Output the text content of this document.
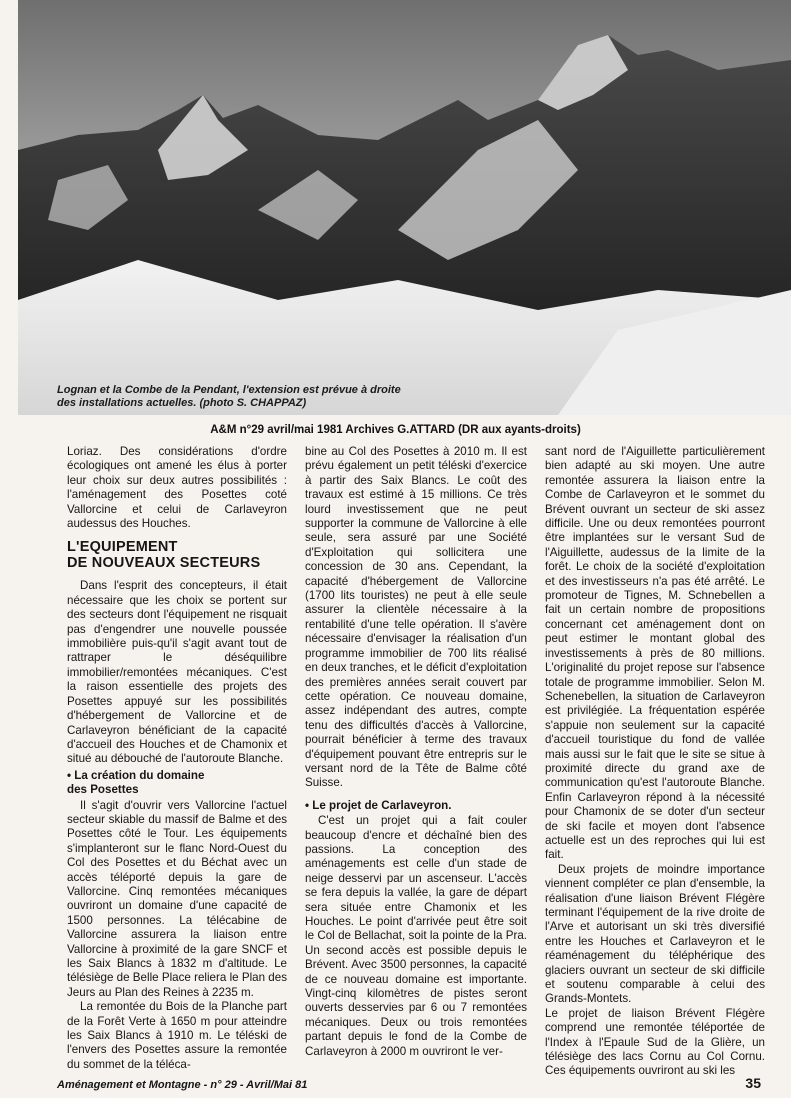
Lognan et la Combe de la Pendant, l'extension est prévue à droite
des installations actuelles. (photo S. CHAPPAZ)
A&M n°29 avril/mai 1981 Archives G.ATTARD (DR aux ayants-droits)

Loriaz. Des considérations d'ordre écologiques ont amené les élus à porter leur choix sur deux autres possibilités : l'aménagement des Posettes coté Vallorcine et celui de Carlaveyron audessus des Houches.

L'EQUIPEMENT
DE NOUVEAUX SECTEURS

Dans l'esprit des concepteurs, il était nécessaire que les choix se portent sur des secteurs dont l'équipement ne risquait pas d'engendrer une nouvelle poussée immobilière puis-qu'il s'agit avant tout de rattraper le déséquilibre immobilier/remontées mécaniques. C'est la raison essentielle des projets des Posettes appuyé sur les possibilités d'hébergement de Vallorcine et de Carlaveyron bénéficiant de la capacité d'accueil des Houches et de Chamonix et situé au débouché de l'autoroute Blanche.

• La création du domaine
des Posettes

Il s'agit d'ouvrir vers Vallorcine l'actuel secteur skiable du massif de Balme et des Posettes côté le Tour. Les équipements s'implanteront sur le flanc Nord-Ouest du Col des Posettes et du Béchat avec un accès téléporté depuis la gare de Vallorcine. Cinq remontées mécaniques ouvriront un domaine d'une capacité de 1500 personnes. La télécabine de Vallorcine assurera la liaison entre Vallorcine à proximité de la gare SNCF et les Saix Blancs à 1832 m d'altitude. Le télésiège de Belle Place reliera le Plan des Jeurs au Plan des Reines à 2235 m.

La remontée du Bois de la Planche part de la Forêt Verte à 1650 m pour atteindre les Saix Blancs à 1910 m. Le téléski de l'envers des Posettes assure la remontée du sommet de la téléca-

bine au Col des Posettes à 2010 m. Il est prévu également un petit téléski d'exercice à partir des Saix Blancs. Le coût des travaux est estimé à 15 millions. Ce très lourd investissement que ne peut supporter la commune de Vallorcine à elle seule, sera assuré par une Société d'Exploitation qui sollicitera une concession de 30 ans. Cependant, la capacité d'hébergement de Vallorcine (1700 lits touristes) ne peut à elle seule assurer la clientèle nécessaire à la rentabilité d'une telle opération. Il s'avère nécessaire d'envisager la réalisation d'un programme immobilier de 700 lits réalisé en deux tranches, et le déficit d'exploitation des premières années serait couvert par cette opération. Ce nouveau domaine, assez indépendant des autres, compte tenu des difficultés d'accès à Vallorcine, pourrait bénéficier à terme des travaux d'équipement pouvant être entrepris sur le versant nord de la Tête de Balme côté Suisse.

• Le projet de Carlaveyron.

C'est un projet qui a fait couler beaucoup d'encre et déchaîné bien des passions. La conception des aménagements est celle d'un stade de neige desservi par un ascenseur. L'accès se fera depuis la vallée, la gare de départ sera située entre Chamonix et les Houches. Le point d'arrivée peut être soit le Col de Bellachat, soit la pointe de la Pra. Un second accès est possible depuis le Brévent. Avec 3500 personnes, la capacité de ce nouveau domaine est importante. Vingt-cinq kilomètres de pistes seront ouverts desservies par 6 ou 7 remontées mécaniques. Deux ou trois remontées partant depuis le fond de la Combe de Carlaveyron à 2000 m ouvriront le ver-

sant nord de l'Aiguillette particulièrement bien adapté au ski moyen. Une autre remontée assurera la liaison entre la Combe de Carlaveyron et le sommet du Brévent ouvrant un secteur de ski assez difficile. Une ou deux remontées pourront être implantées sur le versant Sud de l'Aiguillette, audessus de la limite de la forêt. Le choix de la société d'exploitation et des investisseurs n'a pas été arrêté. Le promoteur de Tignes, M. Schnebellen a fait un certain nombre de propositions concernant cet aménagement dont on peut estimer le montant global des investissements à près de 80 millions. L'originalité du projet repose sur l'absence totale de programme immobilier. Selon M. Schenebellen, la situation de Carlaveyron est privilégiée. La fréquentation espérée s'appuie non seulement sur la capacité d'accueil touristique du fond de vallée mais aussi sur le fait que le site se situe à proximité directe du grand axe de communication qu'est l'autoroute Blanche. Enfin Carlaveyron répond à la nécessité pour Chamonix de se doter d'un secteur de ski facile et moyen dont l'absence actuelle est un des reproches qui lui est fait.

Deux projets de moindre importance viennent compléter ce plan d'ensemble, la réalisation d'une liaison Brévent Flégère terminant l'équipement de la rive droite de l'Arve et autorisant un ski très diversifié entre les Houches et Carlaveyron et le réaménagement du téléphérique des glaciers ouvrant un secteur de ski difficile et soutenu comparable à celui des Grands-Montets.

Le projet de liaison Brévent Flégère comprend une remontée téléportée de l'Index à l'Epaule Sud de la Glière, un télésiège des lacs Cornu au Col Cornu. Ces équipements ouvriront au ski les

Aménagement et Montagne - n° 29 - Avril/Mai 81	35
